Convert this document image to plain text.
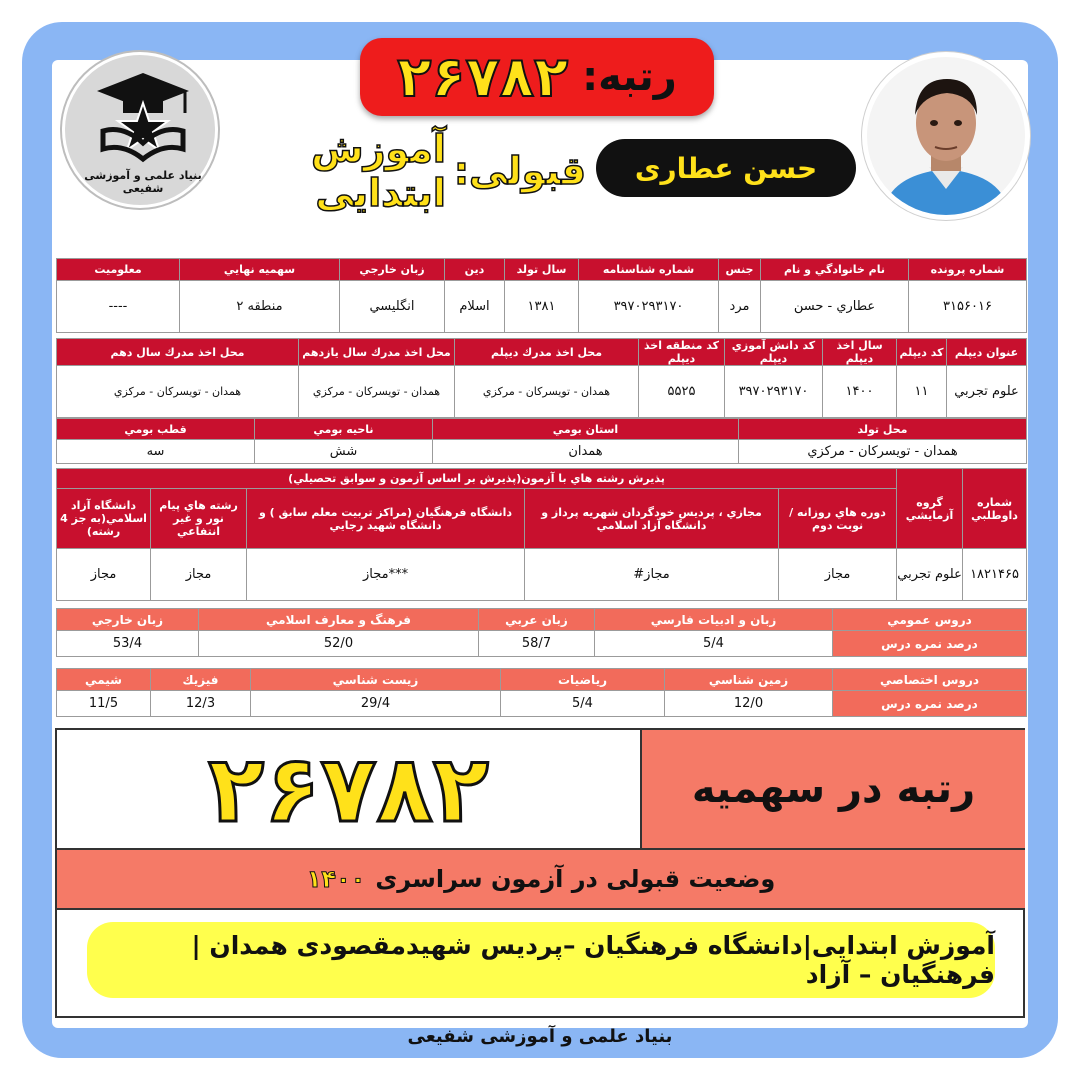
رتبه:
۲۶۷۸۲
حسن عطاری
قبولی:
آموزش ابتدایی
بنیاد علمی و آموزشی شفیعی
شماره پرونده	نام خانوادگي و نام	جنس	شماره شناسنامه	سال تولد	دين	زبان خارجي	سهميه نهايي	معلوميت
۳۱۵۶۰۱۶	عطاري - حسن	مرد	۳۹۷۰۲۹۳۱۷۰	۱۳۸۱	اسلام	انگليسي	منطقه ۲	----
عنوان ديپلم	كد ديپلم	سال اخذ ديپلم	كد دانش آموزي ديپلم	كد منطقه اخذ ديپلم	محل اخذ مدرك ديپلم	محل اخذ مدرك سال يازدهم	محل اخذ مدرك سال دهم
علوم تجربي	۱۱	۱۴۰۰	۳۹۷۰۲۹۳۱۷۰	۵۵۲۵	همدان - تويسركان - مركزي	همدان - تويسركان - مركزي	همدان - تويسركان - مركزي
محل تولد	استان بومي	ناحيه بومي	قطب بومي
همدان - تويسركان - مركزي	همدان	شش	سه
شماره داوطلبي	گروه آزمايشي	پذيرش رشته هاي با آزمون(پذيرش بر اساس آزمون و سوابق تحصيلي)				
		دوره هاي روزانه / نوبت دوم	مجازي ، پرديس خودگردان شهريه پرداز و دانشگاه آزاد اسلامي	دانشگاه فرهنگيان (مراكز تربيت معلم سابق ) و دانشگاه شهيد رجايي	رشته هاي پيام نور و غير انتفاعي	دانشگاه آزاد اسلامي(به جز 4 رشته)
۱۸۲۱۴۶۵	علوم تجربي	مجاز	مجاز#	***مجاز	مجاز	مجاز
دروس عمومي	زبان و ادبيات فارسي	زبان عربي	فرهنگ و معارف اسلامي	زبان خارجي
درصد نمره درس	5/4	58/7	52/0	53/4
دروس اختصاصي	زمين شناسي	رياضيات	زيست شناسي	فيزيك	شيمي
درصد نمره درس	12/0	5/4	29/4	12/3	11/5
۲۶۷۸۲	رتبه در سهمیه
وضعیت قبولی در آزمون سراسری
۱۴۰۰
آموزش ابتدایی|دانشگاه فرهنگیان –پردیس شهیدمقصودی همدان | فرهنگیان – آزاد
بنیاد علمی و آموزشی شفیعی
